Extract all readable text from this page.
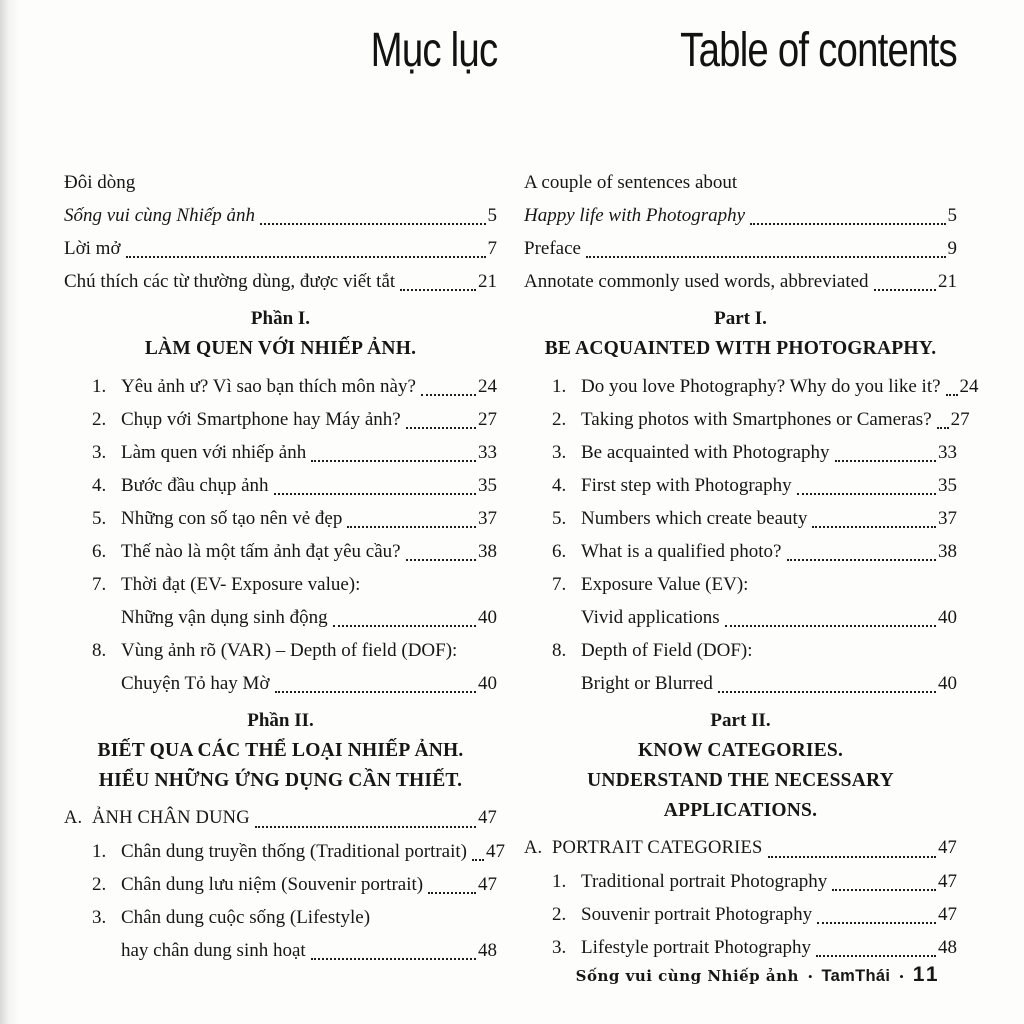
Mục lục
Đôi dòng
Sống vui cùng Nhiếp ảnh	5
Lời mở	7
Chú thích các từ thường dùng, được viết tắt	21
Phần I.
LÀM QUEN VỚI NHIẾP ẢNH.
1. Yêu ảnh ư? Vì sao bạn thích môn này?	24
2. Chụp với Smartphone hay Máy ảnh?	27
3. Làm quen với nhiếp ảnh	33
4. Bước đầu chụp ảnh	35
5. Những con số tạo nên vẻ đẹp	37
6. Thế nào là một tấm ảnh đạt yêu cầu?	38
7. Thời đạt (EV- Exposure value):
Những vận dụng sinh động	40
8. Vùng ảnh rõ (VAR) – Depth of field (DOF):
Chuyện Tỏ hay Mờ	40
Phần II.
BIẾT QUA CÁC THỂ LOẠI NHIẾP ẢNH.
HIỂU NHỮNG ỨNG DỤNG CẦN THIẾT.
A. ẢNH CHÂN DUNG	47
1. Chân dung truyền thống (Traditional portrait) 47
2. Chân dung lưu niệm (Souvenir portrait)	47
3. Chân dung cuộc sống (Lifestyle)
hay chân dung sinh hoạt	48
Table of contents
A couple of sentences about
Happy life with Photography	5
Preface	9
Annotate commonly used words, abbreviated	21
Part I.
BE ACQUAINTED WITH PHOTOGRAPHY.
1. Do you love Photography? Why do you like it? 24
2. Taking photos with Smartphones or Cameras? 27
3. Be acquainted with Photography	33
4. First step with Photography	35
5. Numbers which create beauty	37
6. What is a qualified photo?	38
7. Exposure Value (EV):
Vivid applications	40
8. Depth of Field (DOF):
Bright or Blurred	40
Part II.
KNOW CATEGORIES.
UNDERSTAND THE NECESSARY APPLICATIONS.
A. PORTRAIT CATEGORIES	47
1. Traditional portrait Photography	47
2. Souvenir portrait Photography	47
3. Lifestyle portrait Photography	48
Sống vui cùng Nhiếp ảnh • TamThái • 11
